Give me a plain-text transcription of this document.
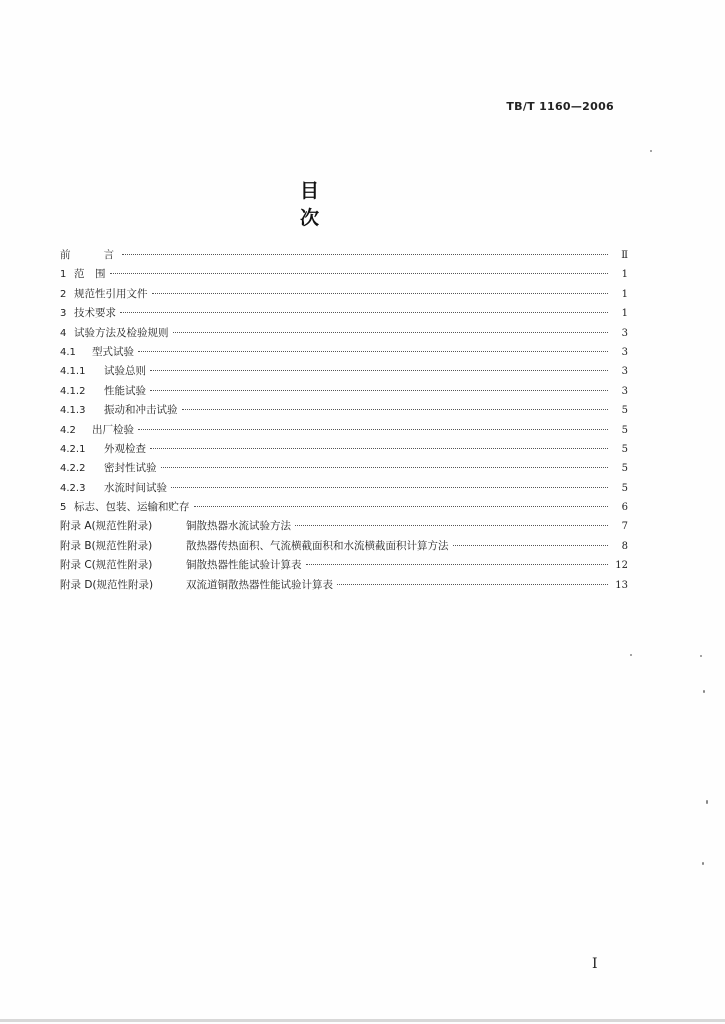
TB/T 1160—2006
目次
前　　言	Ⅱ
1 范　围	1
2 规范性引用文件	1
3 技术要求	1
4 试验方法及检验规则	3
4.1	型式试验	3
4.1.1	试验总则	3
4.1.2	性能试验	3
4.1.3	振动和冲击试验	5
4.2	出厂检验	5
4.2.1	外观检查	5
4.2.2	密封性试验	5
4.2.3	水流时间试验	5
5 标志、包装、运输和贮存	6
附录 A(规范性附录)	铜散热器水流试验方法	7
附录 B(规范性附录)	散热器传热面积、气流横截面积和水流横截面积计算方法	8
附录 C(规范性附录)	铜散热器性能试验计算表	12
附录 D(规范性附录)	双流道铜散热器性能试验计算表	13
I
